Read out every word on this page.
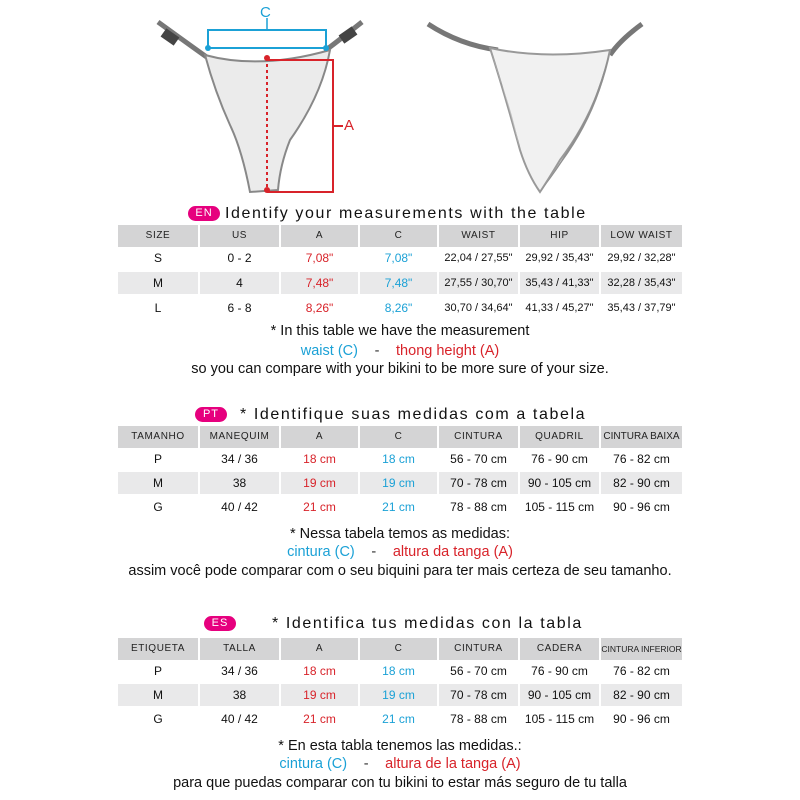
C
A
EN Identify your measurements with the table
SIZE	US	A	C	WAIST	HIP	LOW WAIST
S	0 - 2	7,08"	7,08"	22,04 / 27,55"	29,92 / 35,43"	29,92 / 32,28"
M	4	7,48"	7,48"	27,55 / 30,70"	35,43 / 41,33"	32,28 / 35,43"
L	6 - 8	8,26"	8,26"	30,70 / 34,64"	41,33 / 45,27"	35,43 / 37,79"
* In this table we have the measurement
waist (C) - thong height (A)
so you can compare with your bikini to be more sure of your size.
PT	* Identifique suas medidas com a tabela
TAMANHO	MANEQUIM	A	C	CINTURA	QUADRIL	CINTURA BAIXA
P	34 / 36	18 cm	18 cm	56 - 70 cm	76 - 90 cm	76 - 82 cm
M	38	19 cm	19 cm	70 - 78 cm	90 - 105 cm	82 - 90 cm
G	40 / 42	21 cm	21 cm	78 - 88 cm	105 - 115 cm	90 - 96 cm
* Nessa tabela temos as medidas:
cintura (C) - altura da tanga (A)
assim você pode comparar com o seu biquini para ter mais certeza de seu tamanho.
ES	* Identifica tus medidas con la tabla
ETIQUETA	TALLA	A	C	CINTURA	CADERA	CINTURA INFERIOR
P	34 / 36	18 cm	18 cm	56 - 70 cm	76 - 90 cm	76 - 82 cm
M	38	19 cm	19 cm	70 - 78 cm	90 - 105 cm	82 - 90 cm
G	40 / 42	21 cm	21 cm	78 - 88 cm	105 - 115 cm	90 - 96 cm
* En esta tabla tenemos las medidas.:
cintura (C) - altura de la tanga (A)
para que puedas comparar con tu bikini to estar más seguro de tu talla
